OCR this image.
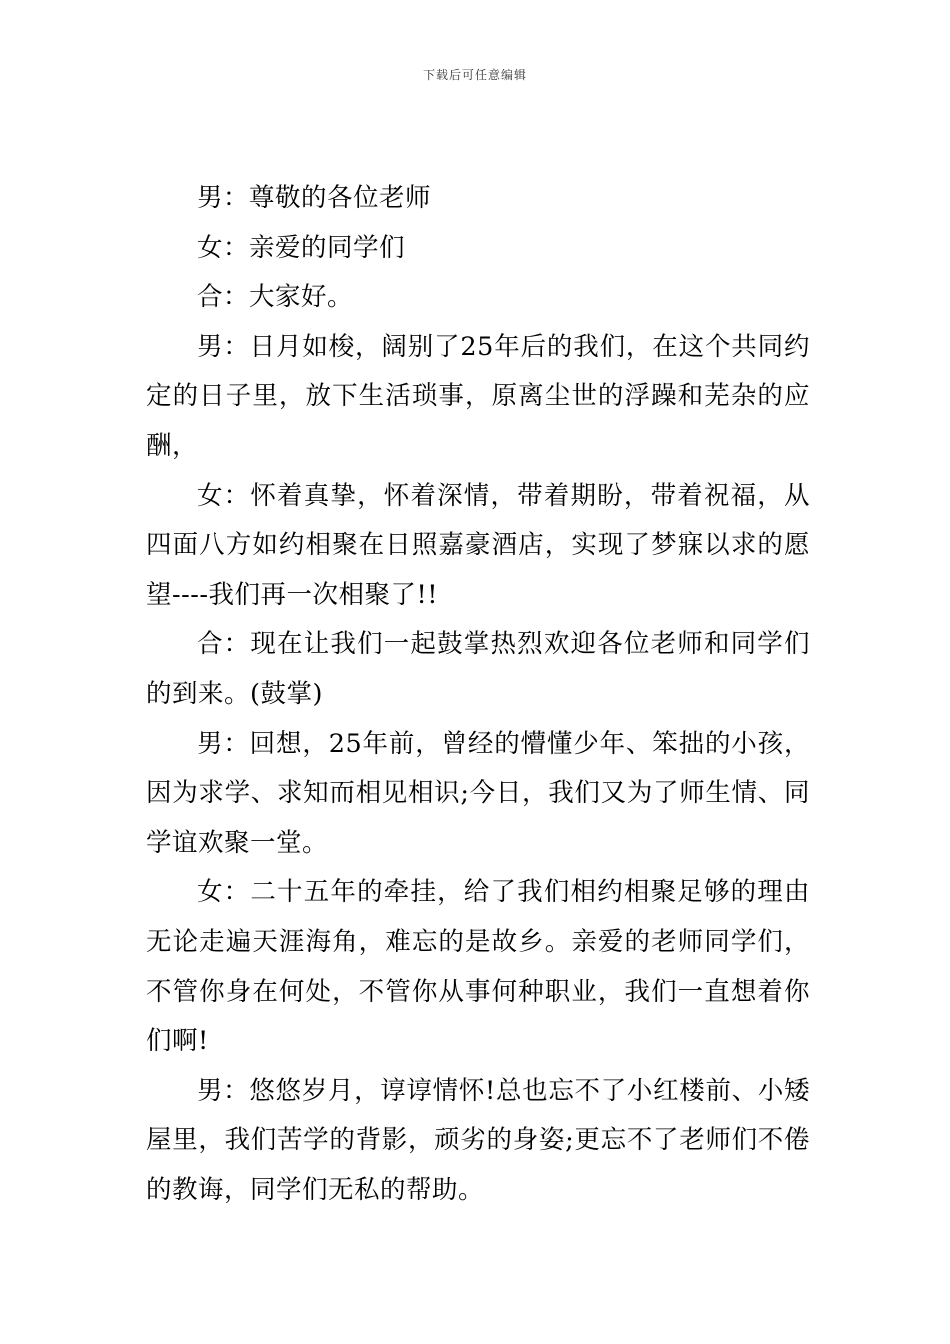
下载后可任意编辑

男：尊敬的各位老师

女：亲爱的同学们

合：大家好。

男：日月如梭，阔别了25年后的我们，在这个共同约定的日子里，放下生活琐事，原离尘世的浮躁和芜杂的应酬，

女：怀着真挚，怀着深情，带着期盼，带着祝福，从四面八方如约相聚在日照嘉豪酒店，实现了梦寐以求的愿望----我们再一次相聚了!!

合：现在让我们一起鼓掌热烈欢迎各位老师和同学们的到来。(鼓掌)

男：回想，25年前，曾经的懵懂少年、笨拙的小孩，因为求学、求知而相见相识;今日，我们又为了师生情、同学谊欢聚一堂。

女：二十五年的牵挂，给了我们相约相聚足够的理由无论走遍天涯海角，难忘的是故乡。亲爱的老师同学们，不管你身在何处，不管你从事何种职业，我们一直想着你们啊!

男：悠悠岁月，谆谆情怀!总也忘不了小红楼前、小矮屋里，我们苦学的背影，顽劣的身姿;更忘不了老师们不倦的教诲，同学们无私的帮助。
